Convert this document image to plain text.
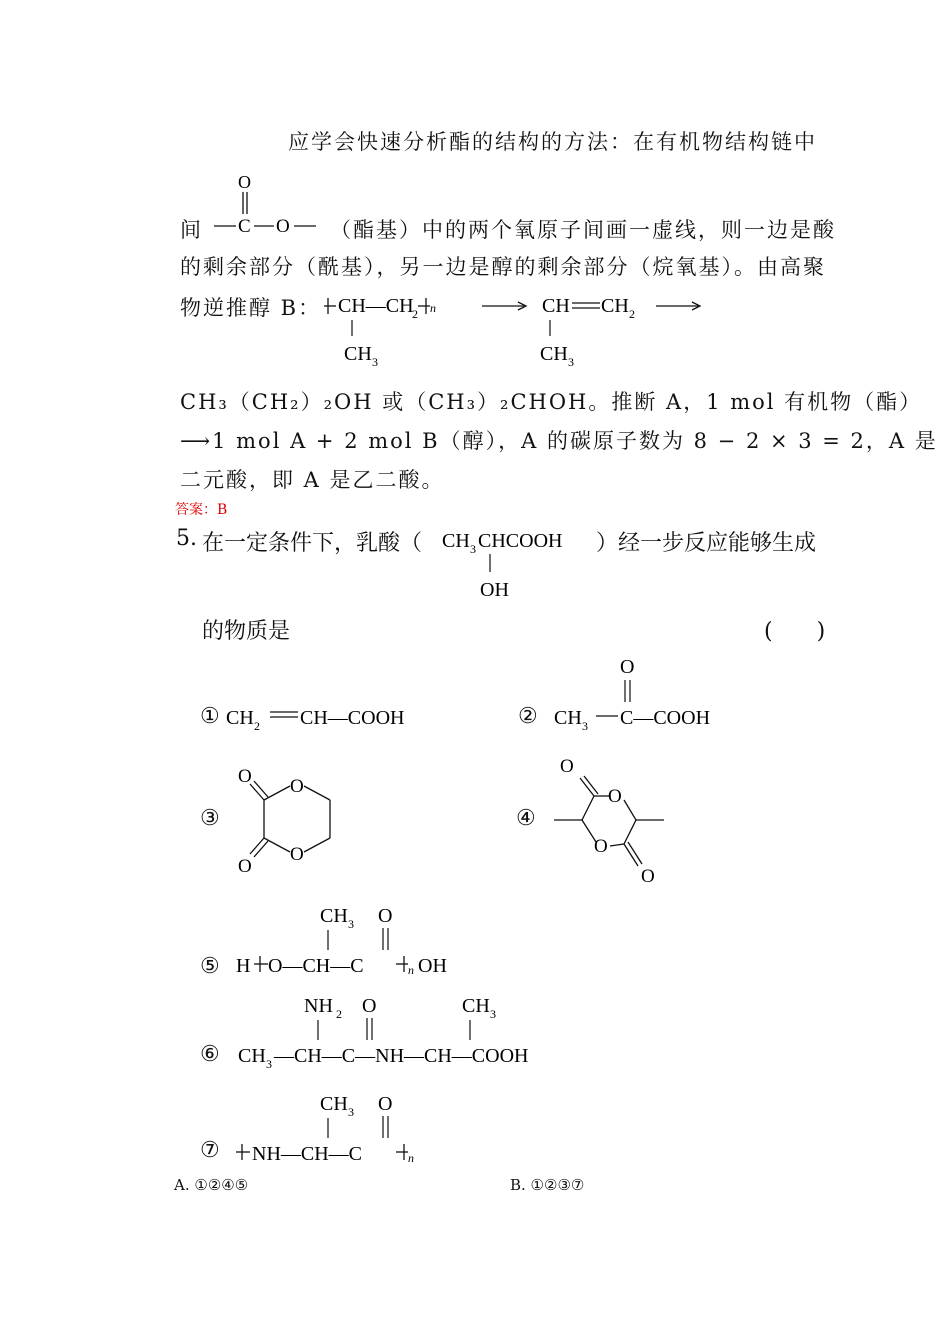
应学会快速分析酯的结构的方法：在有机物结构链中
间
O
C O （酯基）中的两个氧原子间画一虚线，则一边是酸
的剩余部分（酰基），另一边是醇的剩余部分（烷氧基）。由高聚
物逆推醇 B： CH—CH
2 n
CH 3
CH CH 2
CH 3
CH₃（CH₂）₂OH 或（CH₃）₂CHOH。推断 A，1 mol 有机物（酯）
⟶1 mol A + 2 mol B（醇），A 的碳原子数为 8 − 2 × 3 = 2，A 是
二元酸，即 A 是乙二酸。
答案：B
5. 在一定条件下，乳酸（ CH 3 CHCOOH
OH
）经一步反应能够生成
的物质是	(　　)
①	②
③	④
⑤
⑥
⑦
CH 2 CH—COOH
O
CH 3 C—COOH
O O
O
O
O
O
O
O
CH 3 O
H O—CH—C	n OH
NH 2 O	CH 3
CH 3 —CH—C—NH—CH—COOH
CH 3 O
NH—CH—C	n
A. ①②④⑤	B. ①②③⑦
